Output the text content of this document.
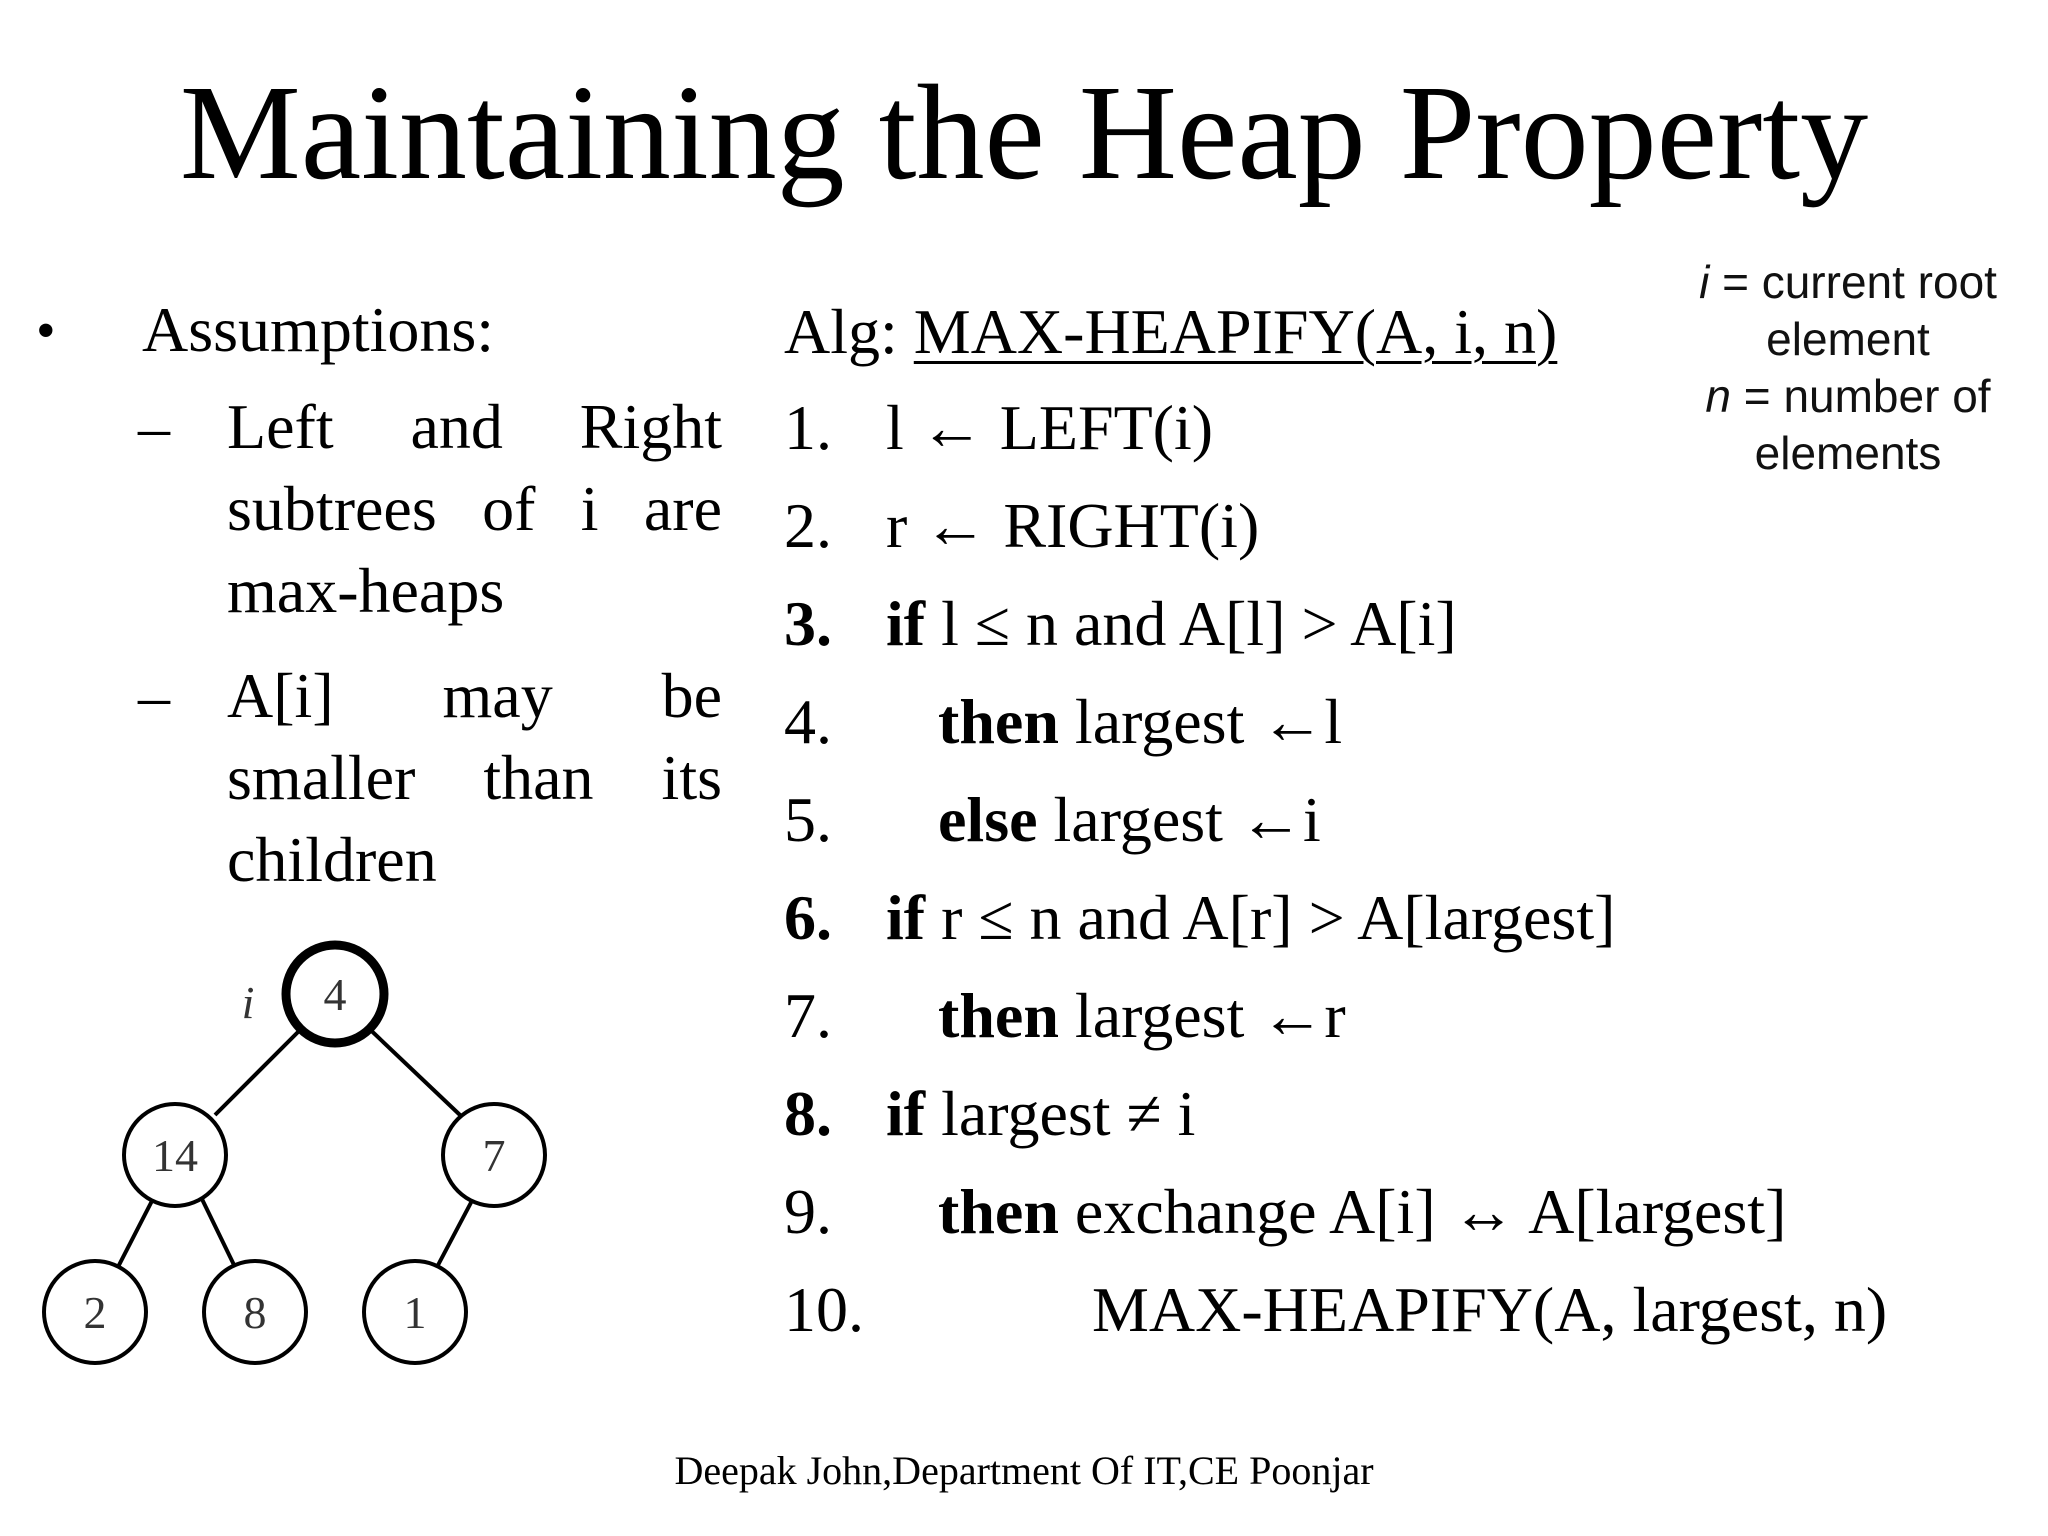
Maintaining the Heap Property
• Assumptions:
– Left and Right subtrees of i are max-heaps
– A[i] may be smaller than its children
Alg: MAX-HEAPIFY(A, i, n)
1. l ← LEFT(i)
2. r ← RIGHT(i)
3. if l ≤ n and A[l] > A[i]
4. then largest ←l
5. else largest ←i
6. if r ≤ n and A[r] > A[largest]
7. then largest ←r
8. if largest ≠ i
9. then exchange A[i] ↔ A[largest]
10.	MAX-HEAPIFY(A, largest, n)
i = current root
element
n = number of
elements
i 4
14	7
2	8	1
Deepak John,Department Of IT,CE Poonjar
